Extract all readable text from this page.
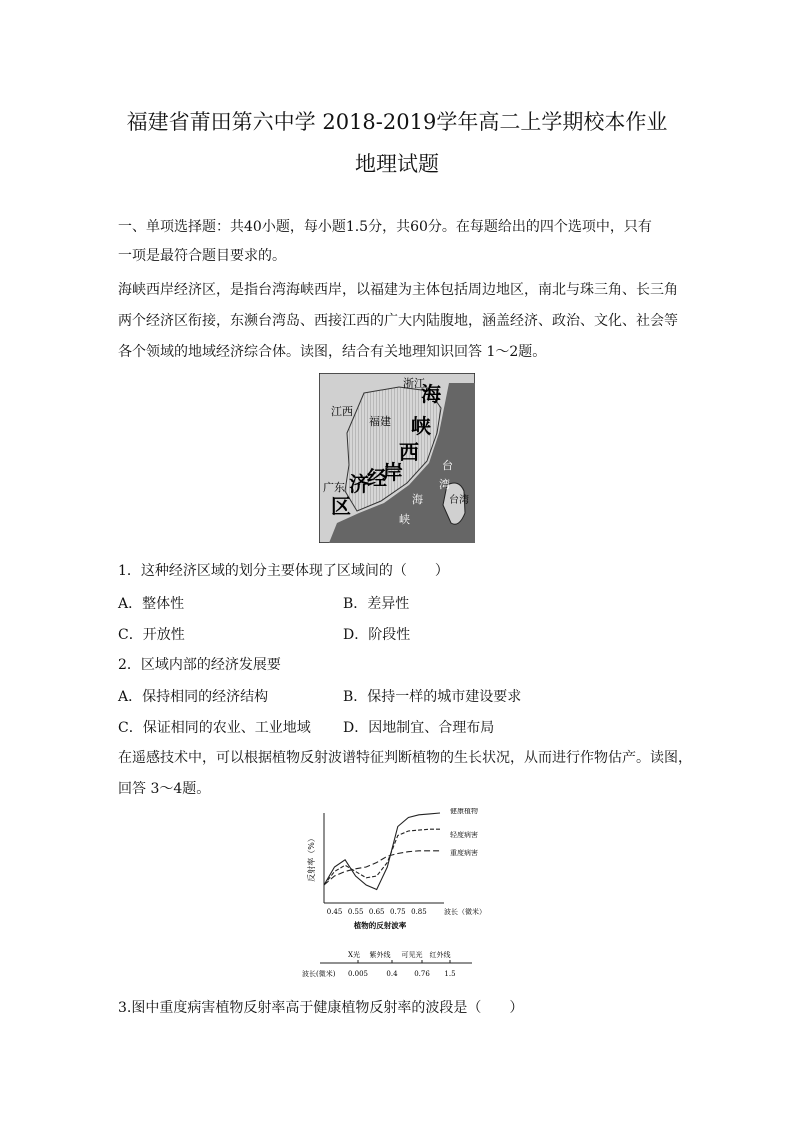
福建省莆田第六中学 2018-2019学年高二上学期校本作业
地理试题
一、单项选择题：共40小题，每小题1.5分，共60分。在每题给出的四个选项中，只有
一项是最符合题目要求的。
海峡西岸经济区，是指台湾海峡西岸，以福建为主体包括周边地区，南北与珠三角、长三角
两个经济区衔接，东濒台湾岛、西接江西的广大内陆腹地，涵盖经济、政治、文化、社会等
各个领域的地域经济综合体。读图，结合有关地理知识回答 1～2题。
浙江
江西
福建
广东
台
湾
海
峡
台湾
海
峡
西
岸
经
济
区
1．这种经济区域的划分主要体现了区域间的（　　）
A．整体性	B．差异性
C．开放性	D．阶段性
2．区域内部的经济发展要
A．保持相同的经济结构	B．保持一样的城市建设要求
C．保证相同的农业、工业地域 D．因地制宜、合理布局
在遥感技术中，可以根据植物反射波谱特征判断植物的生长状况，从而进行作物估产。读图，
回答 3～4题。
反射率（%）
0.45 0.55 0.65 0.75 0.85 波长（微米）
植物的反射波率
健康植物
轻度病害
重度病害
X光 紫外线 可见光 红外线
波长(微米) 0.005	0.4 0.76 1.5
3.图中重度病害植物反射率高于健康植物反射率的波段是（　　）
